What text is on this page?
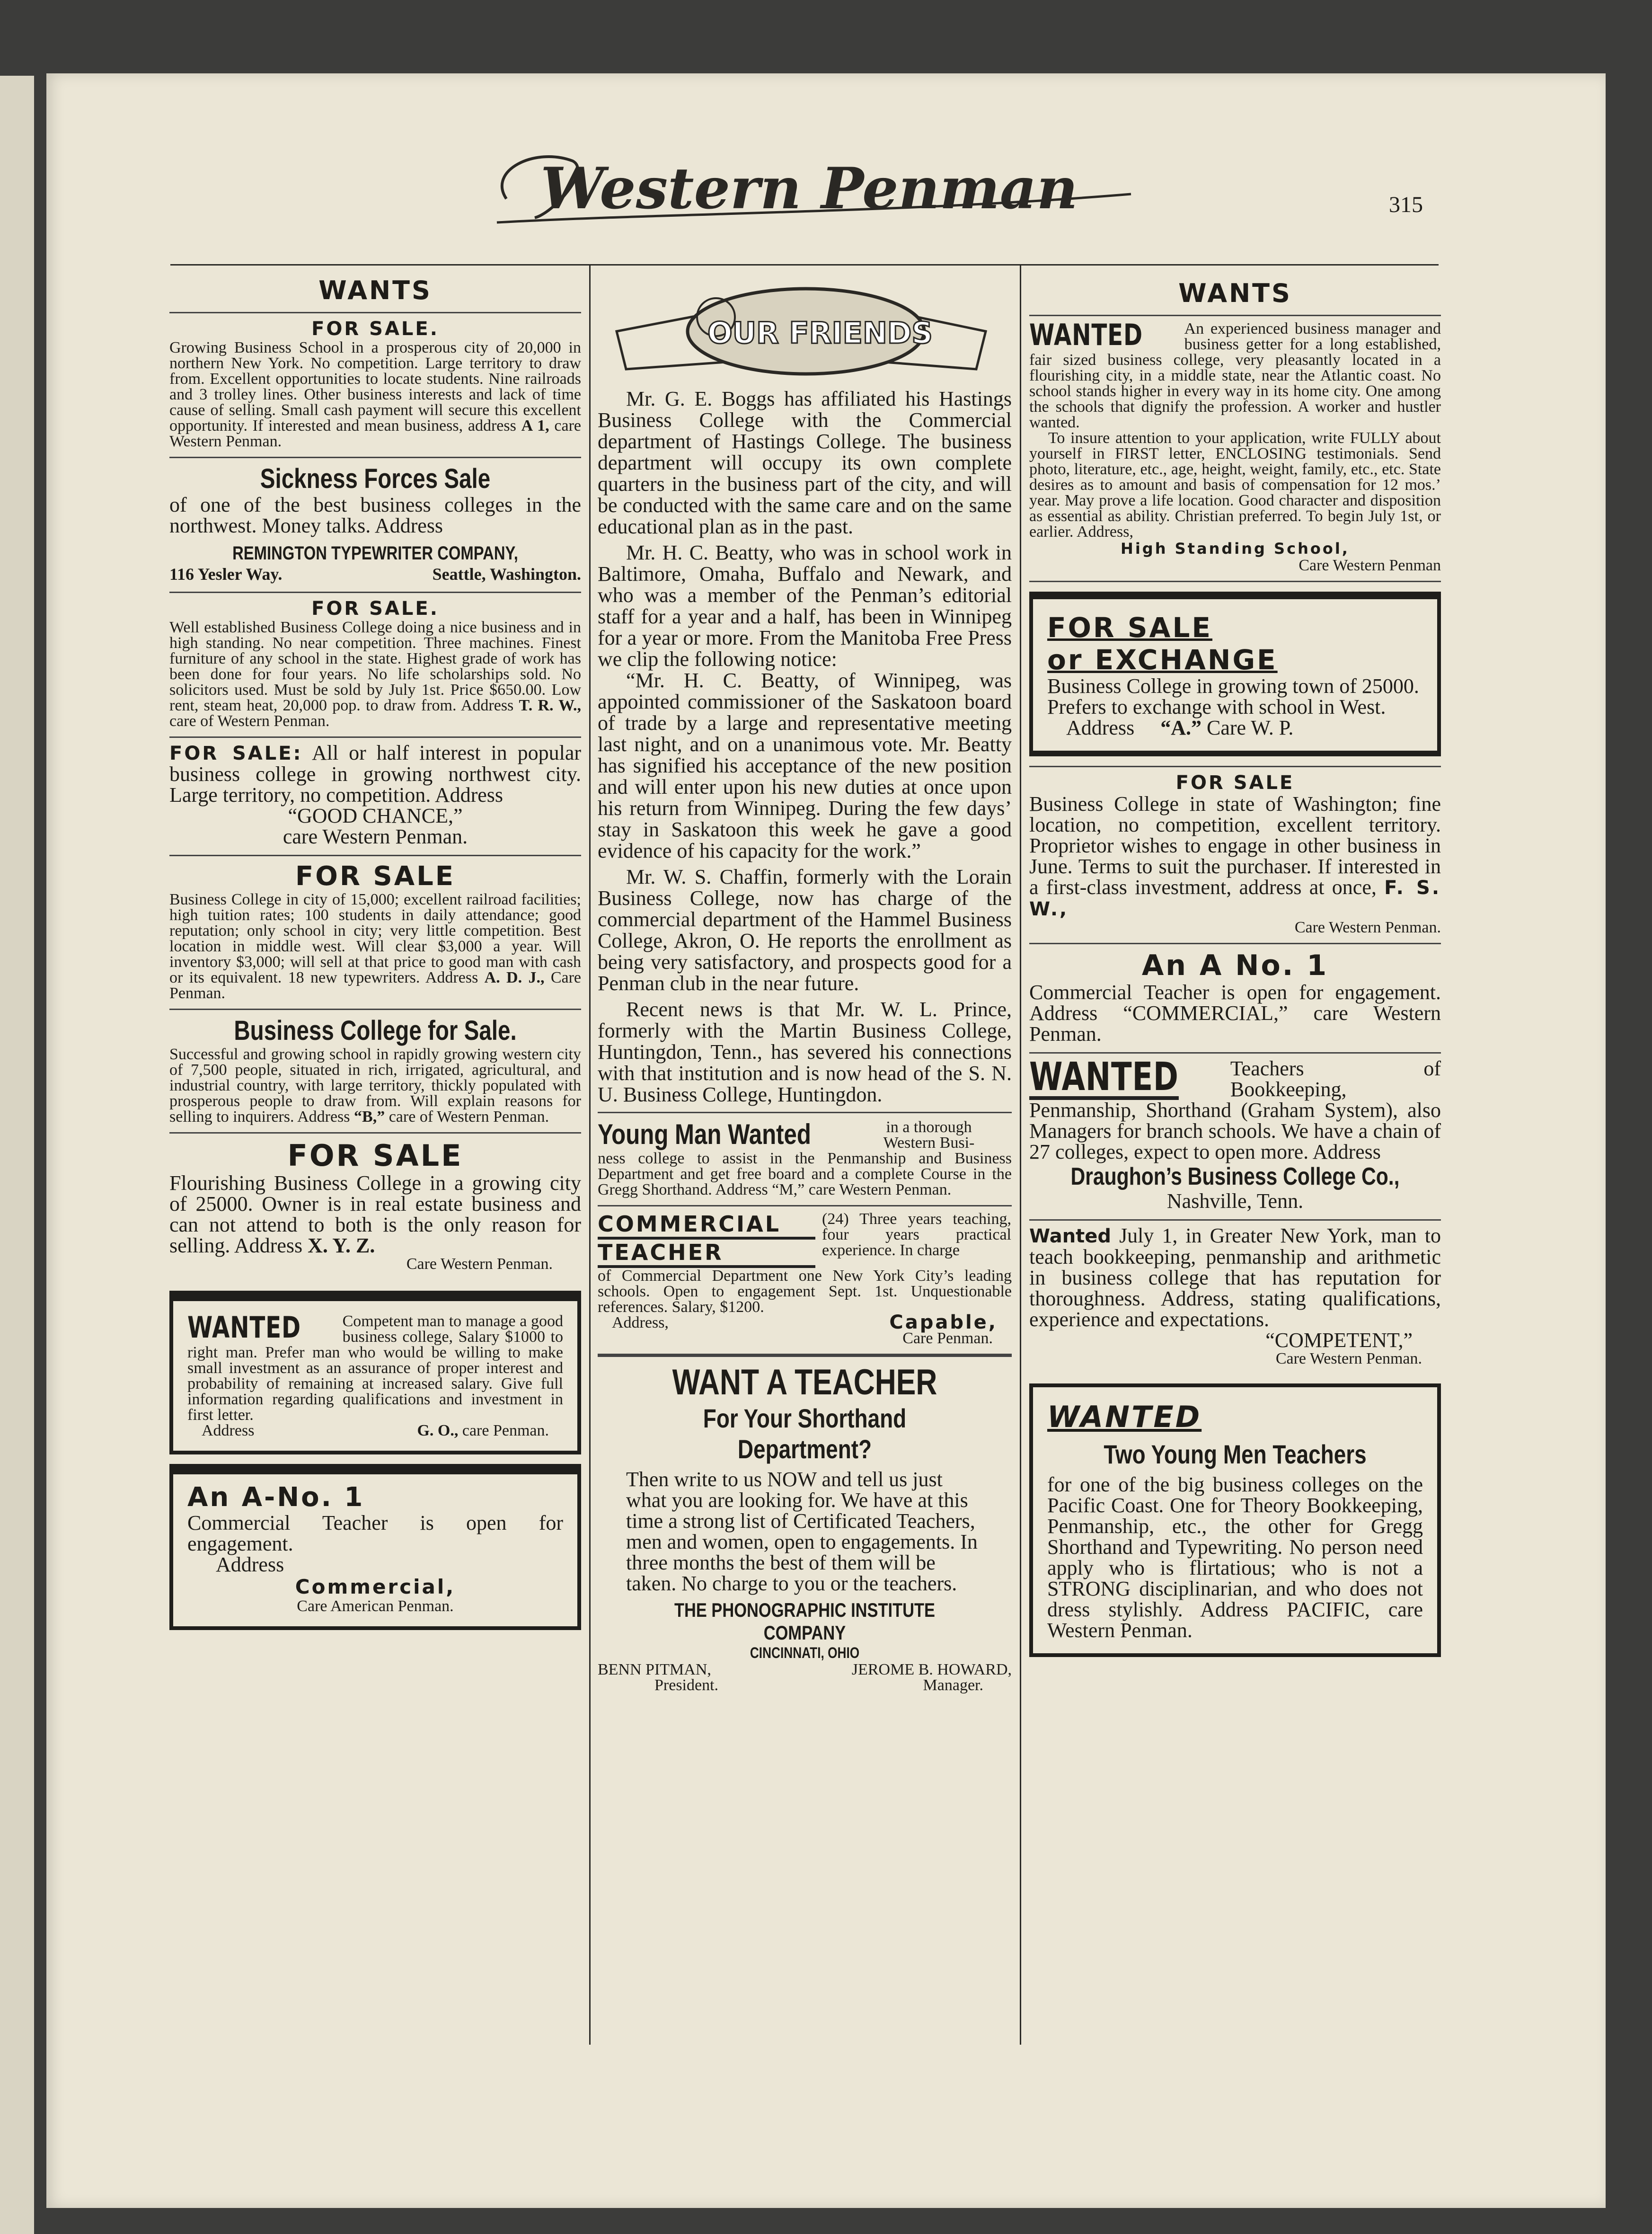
Western Penman	315
WANTS
FOR SALE.
Growing Business School in a prosperous city of 20,000 in northern New York. No competition. Large territory to draw from. Excellent opportunities to locate students. Nine railroads and 3 trolley lines. Other business interests and lack of time cause of selling. Small cash payment will secure this excellent opportunity. If interested and mean business, address A 1, care Western Penman.
Sickness Forces Sale
of one of the best business colleges in the northwest. Money talks. Address
REMINGTON TYPEWRITER COMPANY,
116 Yesler Way.	Seattle, Washington.
FOR SALE.
Well established Business College doing a nice business and in high standing. No near competition. Three machines. Finest furniture of any school in the state. Highest grade of work has been done for four years. No life scholarships sold. No solicitors used. Must be sold by July 1st. Price $650.00. Low rent, steam heat, 20,000 pop. to draw from. Address T. R. W., care of Western Penman.
FOR SALE: All or half interest in popular business college in growing northwest city. Large territory, no competition. Address
“GOOD CHANCE,”
care Western Penman.
FOR SALE
Business College in city of 15,000; excellent railroad facilities; high tuition rates; 100 students in daily attendance; good reputation; only school in city; very little competition. Best location in middle west. Will clear $3,000 a year. Will inventory $3,000; will sell at that price to good man with cash or its equivalent. 18 new typewriters. Address A. D. J., Care Penman.
Business College for Sale.
Successful and growing school in rapidly growing western city of 7,500 people, situated in rich, irrigated, agricultural, and industrial country, with large territory, thickly populated with prosperous people to draw from. Will explain reasons for selling to inquirers. Address “B,” care of Western Penman.
FOR SALE
Flourishing Business College in a growing city of 25000. Owner is in real estate business and can not attend to both is the only reason for selling. Address X. Y. Z.
Care Western Penman.
WANTED	Competent man to manage a good business college, Salary $1000 to right man. Prefer man who would be willing to make small investment as an assurance of proper interest and probability of remaining at increased salary. Give full information regarding qualifications and investment in first letter.
Address	G. O., care Penman.
An A-No. 1
Commercial Teacher is open for engagement.
Address
Commercial,
Care American Penman.
OUR FRIENDS
Mr. G. E. Boggs has affiliated his Hastings Business College with the Commercial department of Hastings College. The business department will occupy its own complete quarters in the business part of the city, and will be conducted with the same care and on the same educational plan as in the past.
Mr. H. C. Beatty, who was in school work in Baltimore, Omaha, Buffalo and Newark, and who was a member of the Penman’s editorial staff for a year and a half, has been in Winnipeg for a year or more. From the Manitoba Free Press we clip the following notice:
“Mr. H. C. Beatty, of Winnipeg, was appointed commissioner of the Saskatoon board of trade by a large and representative meeting last night, and on a unanimous vote. Mr. Beatty has signified his acceptance of the new position and will enter upon his new duties at once upon his return from Winnipeg. During the few days’ stay in Saskatoon this week he gave a good evidence of his capacity for the work.”
Mr. W. S. Chaffin, formerly with the Lorain Business College, now has charge of the commercial department of the Hammel Business College, Akron, O. He reports the enrollment as being very satisfactory, and prospects good for a Penman club in the near future.
Recent news is that Mr. W. L. Prince, formerly with the Martin Business College, Huntingdon, Tenn., has severed his connections with that institution and is now head of the S. N. U. Business College, Huntingdon.
Young Man Wanted	in a thorough Western Busi-
ness college to assist in the Penmanship and Business Department and get free board and a complete Course in the Gregg Shorthand. Address “M,” care Western Penman.
COMMERCIAL
TEACHER
(24) Three years teaching, four years practical experience. In charge
of Commercial Department one New York City’s leading schools. Open to engagement Sept. 1st. Unquestionable references. Salary, $1200.
Address,	Capable,
Care Penman.
WANT A TEACHER
For Your Shorthand Department?
Then write to us NOW and tell us just what you are looking for. We have at this time a strong list of Certificated Teachers, men and women, open to engagements. In three months the best of them will be taken. No charge to you or the teachers.
THE PHONOGRAPHIC INSTITUTE COMPANY
CINCINNATI, OHIO
BENN PITMAN,	JEROME B. HOWARD,
President.	Manager.
WANTS
WANTED	An experienced business manager and business getter for a long established, fair sized business college, very pleasantly located in a flourishing city, in a middle state, near the Atlantic coast. No school stands higher in every way in its home city. One among the schools that dignify the profession. A worker and hustler wanted.
To insure attention to your application, write FULLY about yourself in FIRST letter, ENCLOSING testimonials. Send photo, literature, etc., age, height, weight, family, etc., etc. State desires as to amount and basis of compensation for 12 mos.’ year. May prove a life location. Good character and disposition as essential as ability. Christian preferred. To begin July 1st, or earlier. Address,
High Standing School,
Care Western Penman
FOR SALE
or EXCHANGE
Business College in growing town of 25000. Prefers to exchange with school in West.
Address “A.” Care W. P.
FOR SALE
Business College in state of Washington; fine location, no competition, excellent territory. Proprietor wishes to engage in other business in June. Terms to suit the purchaser. If interested in a first-class investment, address at once, F. S. W.,
Care Western Penman.
An A No. 1
Commercial Teacher is open for engagement. Address “COMMERCIAL,” care Western Penman.
WANTED Teachers of Bookkeeping, Penmanship, Shorthand (Graham System), also Managers for branch schools. We have a chain of 27 colleges, expect to open more. Address
Draughon’s Business College Co.,
Nashville, Tenn.
Wanted July 1, in Greater New York, man to teach bookkeeping, penmanship and arithmetic in business college that has reputation for thoroughness. Address, stating qualifications, experience and expectations.
“COMPETENT,”
Care Western Penman.
WANTED
Two Young Men Teachers
for one of the big business colleges on the Pacific Coast. One for Theory Bookkeeping, Penmanship, etc., the other for Gregg Shorthand and Typewriting. No person need apply who is flirtatious; who is not a STRONG disciplinarian, and who does not dress stylishly. Address PACIFIC, care Western Penman.
